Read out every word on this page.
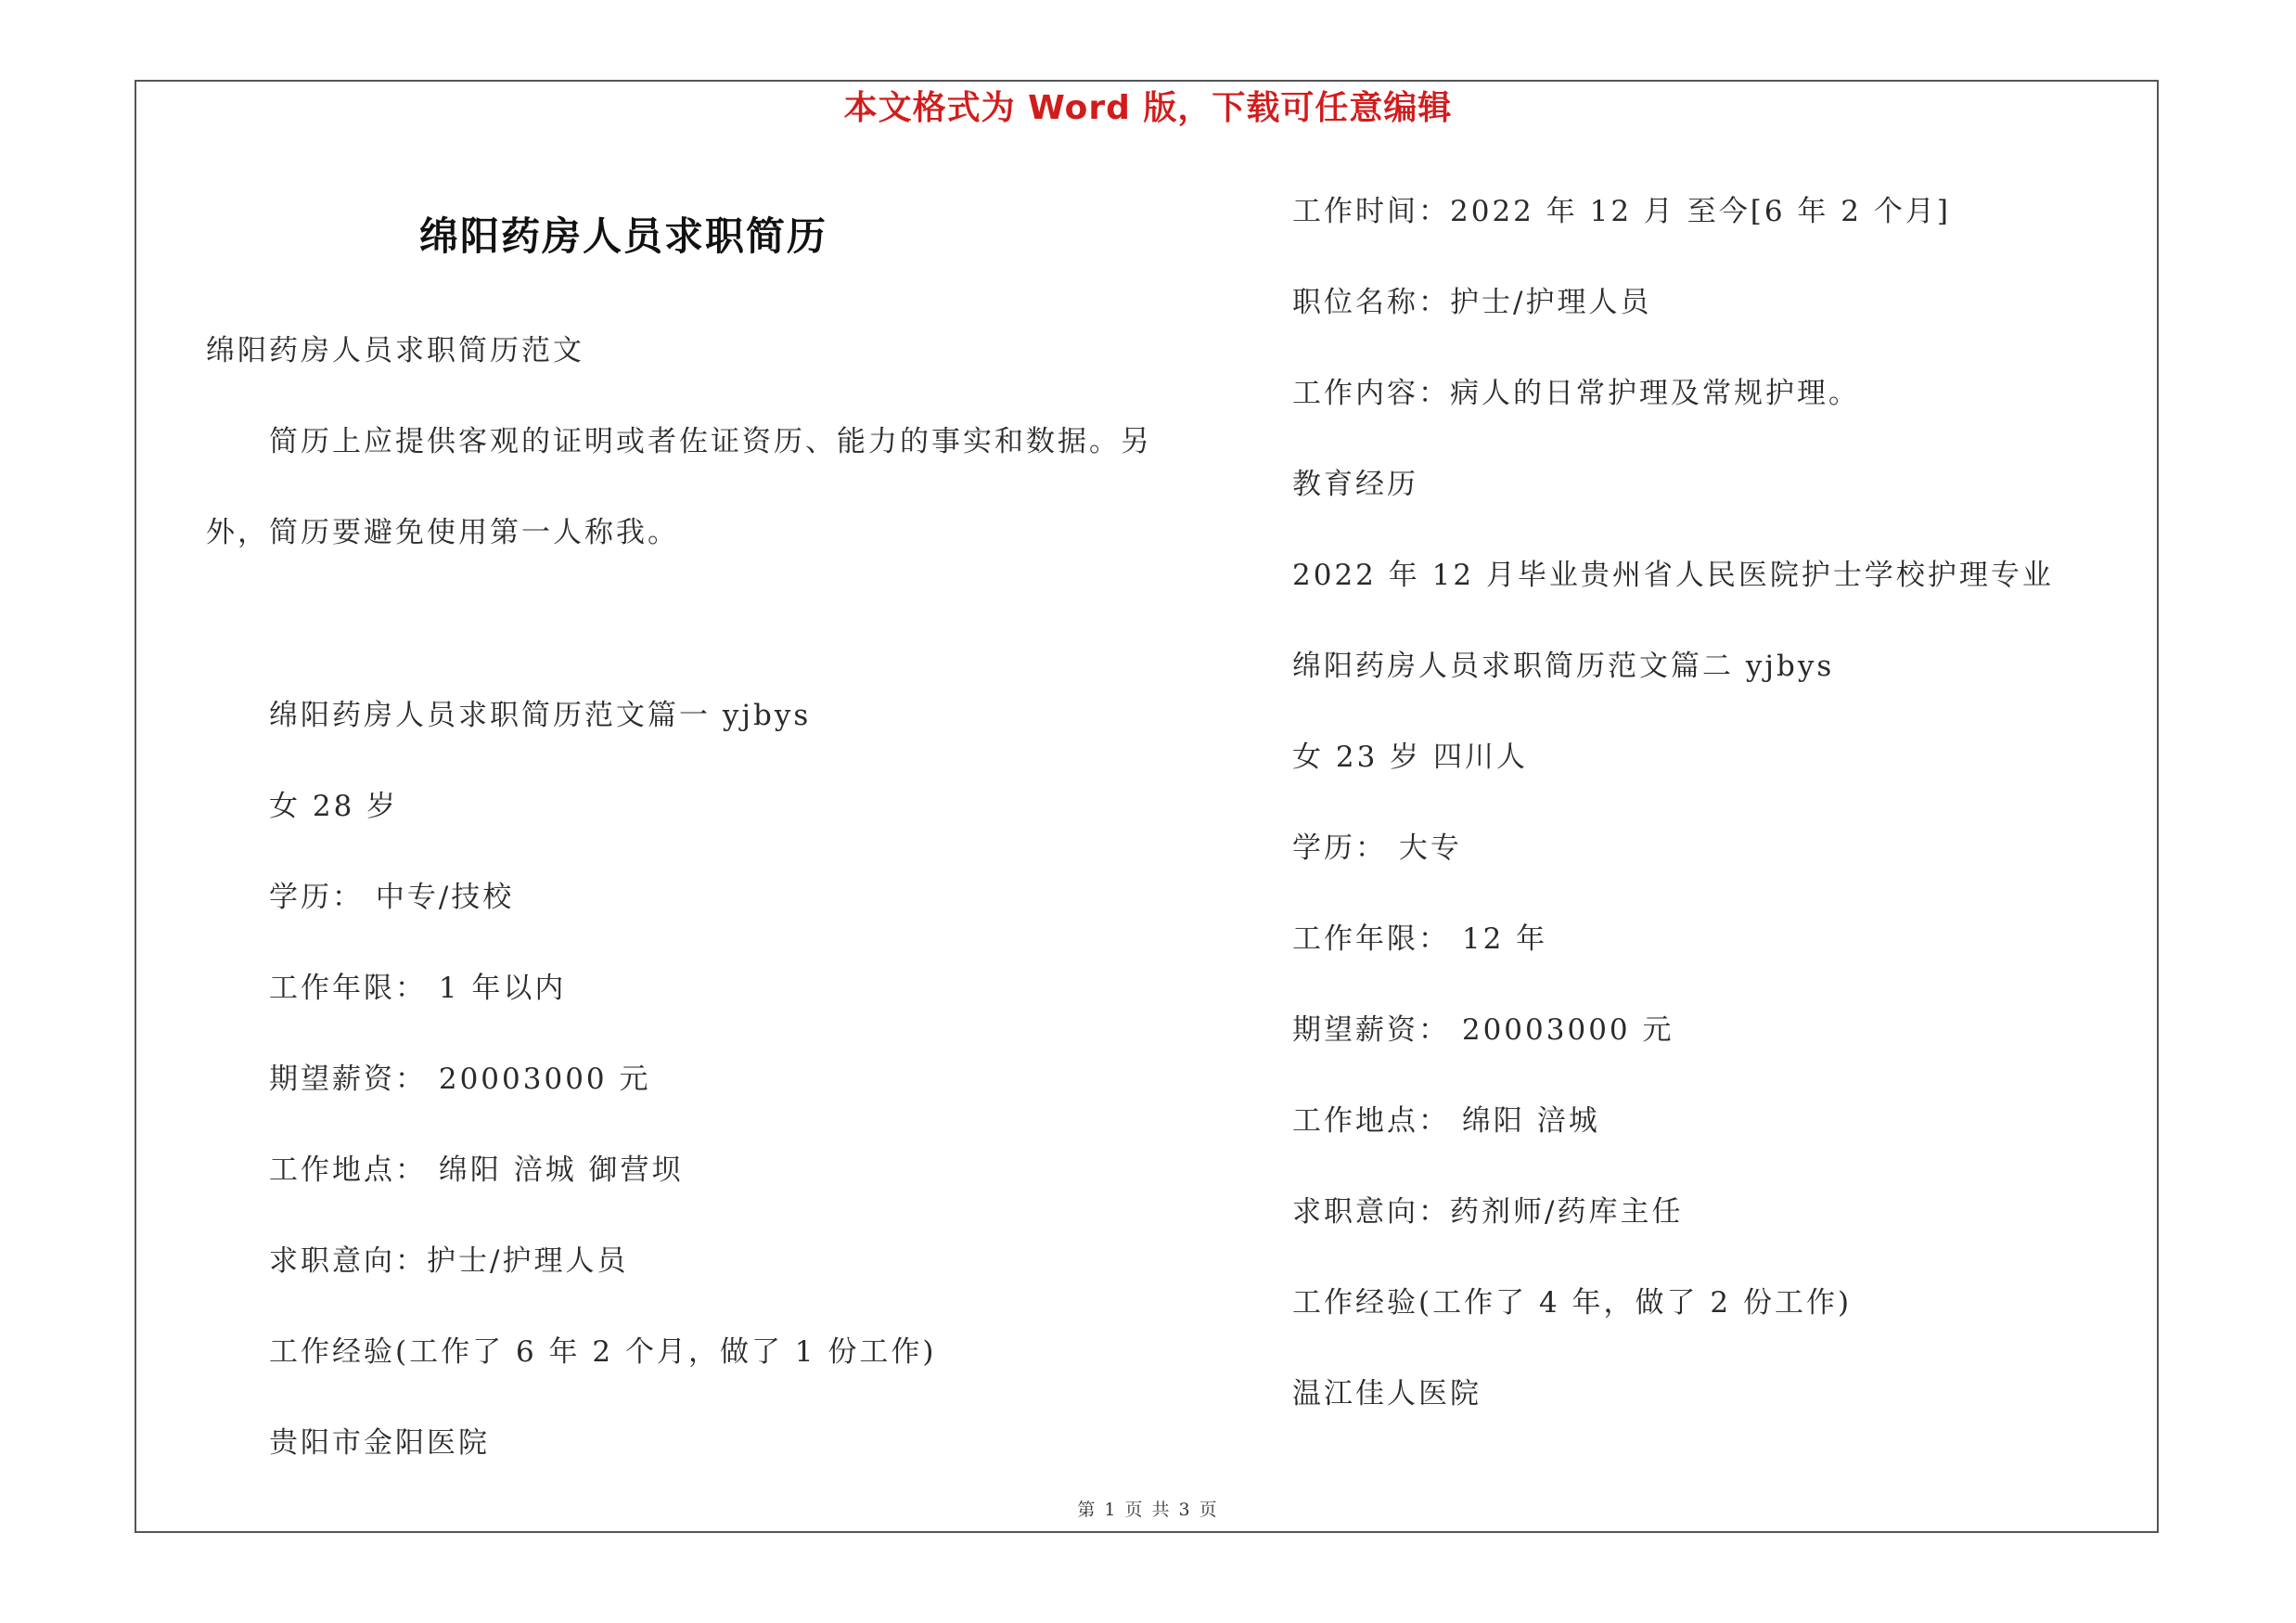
本文格式为 Word 版，下载可任意编辑
绵阳药房人员求职简历
绵阳药房人员求职简历范文
简历上应提供客观的证明或者佐证资历、能力的事实和数据。另
外，简历要避免使用第一人称我。
绵阳药房人员求职简历范文篇一 yjbys
女 28 岁
学历： 中专/技校
工作年限： 1 年以内
期望薪资： 20003000 元
工作地点： 绵阳 涪城 御营坝
求职意向：护士/护理人员
工作经验(工作了 6 年 2 个月，做了 1 份工作)
贵阳市金阳医院
工作时间：2022 年 12 月 至今[6 年 2 个月]
职位名称：护士/护理人员
工作内容：病人的日常护理及常规护理。
教育经历
2022 年 12 月毕业贵州省人民医院护士学校护理专业
绵阳药房人员求职简历范文篇二 yjbys
女 23 岁 四川人
学历： 大专
工作年限： 12 年
期望薪资： 20003000 元
工作地点： 绵阳 涪城
求职意向：药剂师/药库主任
工作经验(工作了 4 年，做了 2 份工作)
温江佳人医院
第 1 页 共 3 页
